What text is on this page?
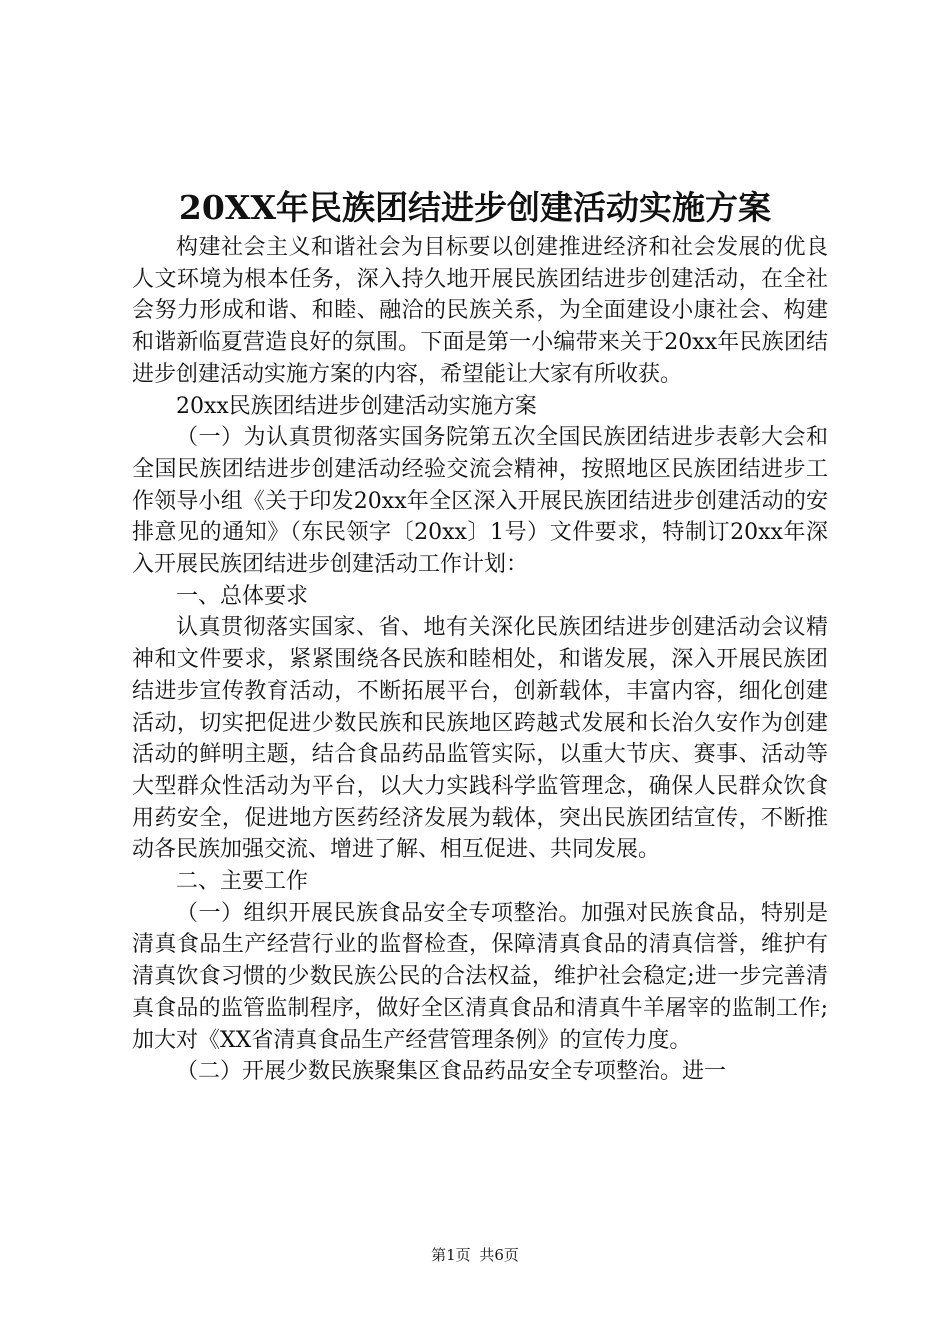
20XX年民族团结进步创建活动实施方案

构建社会主义和谐社会为目标要以创建推进经济和社会发展的优良人文环境为根本任务，深入持久地开展民族团结进步创建活动，在全社会努力形成和谐、和睦、融洽的民族关系，为全面建设小康社会、构建和谐新临夏营造良好的氛围。下面是第一小编带来关于20xx年民族团结进步创建活动实施方案的内容，希望能让大家有所收获。

20xx民族团结进步创建活动实施方案

（一）为认真贯彻落实国务院第五次全国民族团结进步表彰大会和全国民族团结进步创建活动经验交流会精神，按照地区民族团结进步工作领导小组《关于印发20xx年全区深入开展民族团结进步创建活动的安排意见的通知》（东民领字〔20xx〕1号）文件要求，特制订20xx年深入开展民族团结进步创建活动工作计划：

一、总体要求

认真贯彻落实国家、省、地有关深化民族团结进步创建活动会议精神和文件要求，紧紧围绕各民族和睦相处，和谐发展，深入开展民族团结进步宣传教育活动，不断拓展平台，创新载体，丰富内容，细化创建活动，切实把促进少数民族和民族地区跨越式发展和长治久安作为创建活动的鲜明主题，结合食品药品监管实际，以重大节庆、赛事、活动等大型群众性活动为平台，以大力实践科学监管理念，确保人民群众饮食用药安全，促进地方医药经济发展为载体，突出民族团结宣传，不断推动各民族加强交流、增进了解、相互促进、共同发展。

二、主要工作

（一）组织开展民族食品安全专项整治。加强对民族食品，特别是清真食品生产经营行业的监督检查，保障清真食品的清真信誉，维护有清真饮食习惯的少数民族公民的合法权益，维护社会稳定;进一步完善清真食品的监管监制程序，做好全区清真食品和清真牛羊屠宰的监制工作;加大对《XX省清真食品生产经营管理条例》的宣传力度。

（二）开展少数民族聚集区食品药品安全专项整治。进一

第1页 共6页
